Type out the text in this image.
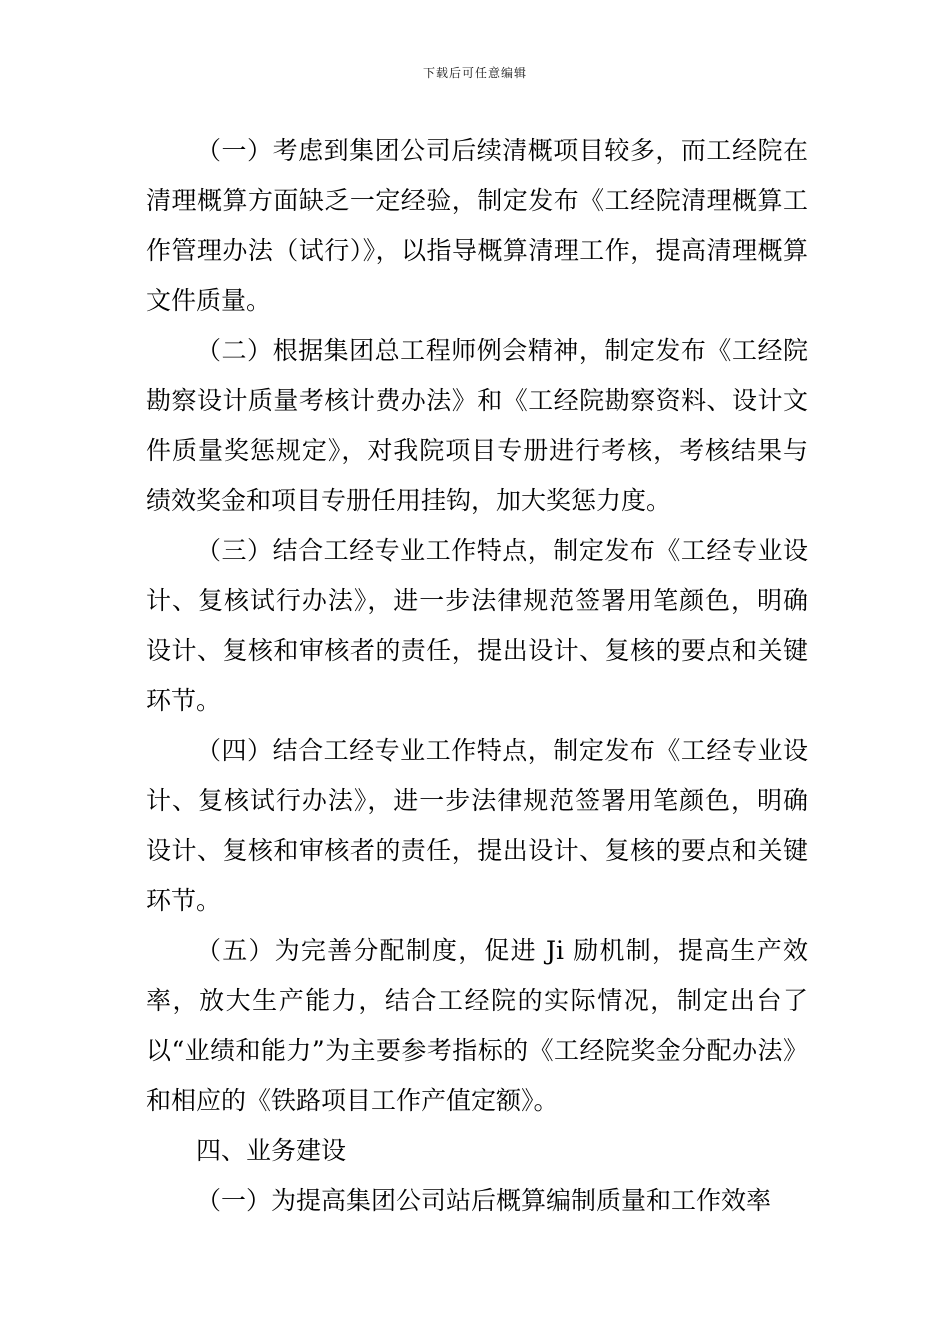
下载后可任意编辑

（一）考虑到集团公司后续清概项目较多，而工经院在清理概算方面缺乏一定经验，制定发布《工经院清理概算工作管理办法（试行）》，以指导概算清理工作，提高清理概算文件质量。

（二）根据集团总工程师例会精神，制定发布《工经院勘察设计质量考核计费办法》和《工经院勘察资料、设计文件质量奖惩规定》，对我院项目专册进行考核，考核结果与绩效奖金和项目专册任用挂钩，加大奖惩力度。

（三）结合工经专业工作特点，制定发布《工经专业设计、复核试行办法》，进一步法律规范签署用笔颜色，明确设计、复核和审核者的责任，提出设计、复核的要点和关键环节。

（四）结合工经专业工作特点，制定发布《工经专业设计、复核试行办法》，进一步法律规范签署用笔颜色，明确设计、复核和审核者的责任，提出设计、复核的要点和关键环节。

（五）为完善分配制度，促进 Ji 励机制，提高生产效率，放大生产能力，结合工经院的实际情况，制定出台了以“业绩和能力”为主要参考指标的《工经院奖金分配办法》和相应的《铁路项目工作产值定额》。

四、业务建设

（一）为提高集团公司站后概算编制质量和工作效率
